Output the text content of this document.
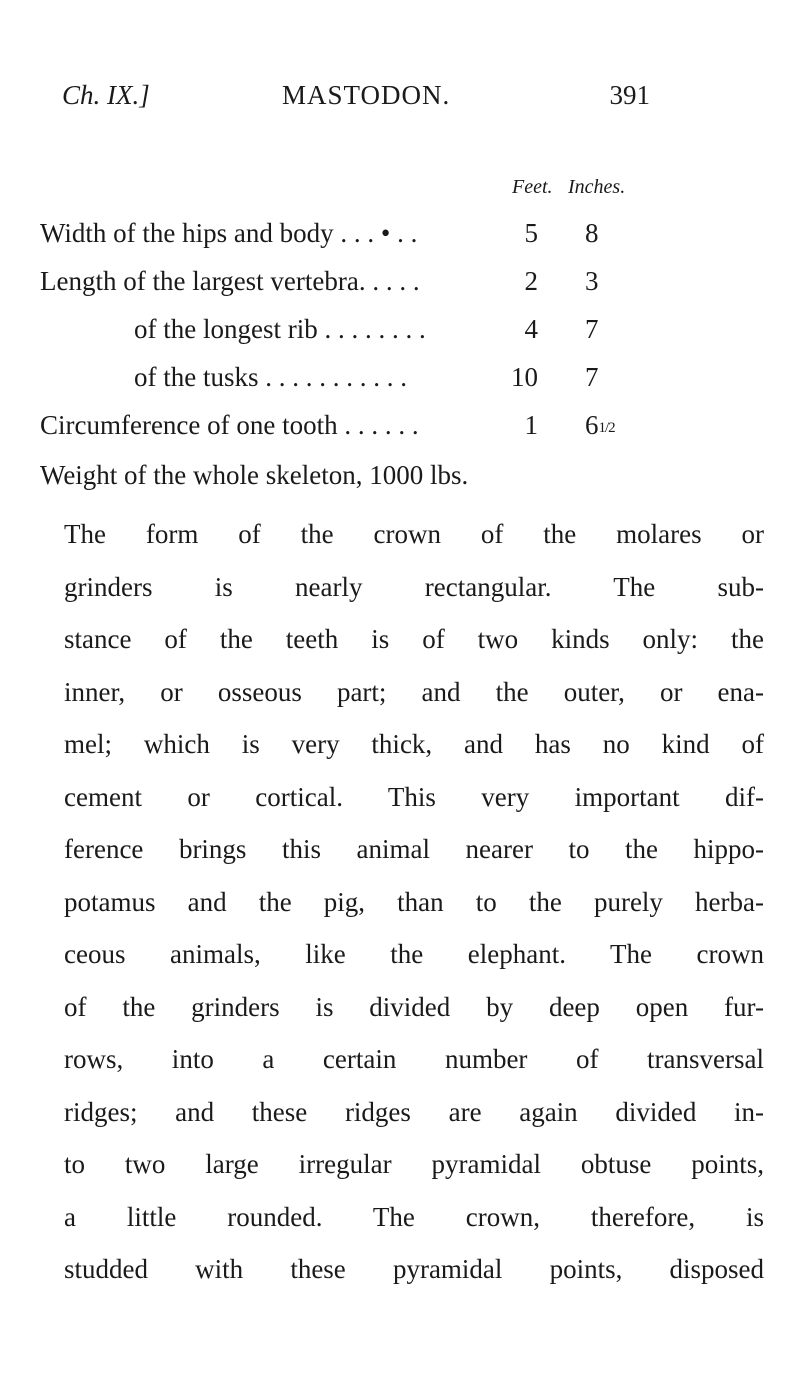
Ch. IX.]	MASTODON.	391
Feet. Inches.
Width of the hips and body . . . • . .	5 8
Length of the largest vertebra. . . . .	2 3
of the longest rib . . . . . . . .	4 7
of the tusks . . . . . . . . . . .	10 7
Circumference of one tooth . . . . . .	1 61/2
Weight of the whole skeleton, 1000 lbs.
The form of the crown of the molares or
grinders is nearly rectangular. The sub-
stance of the teeth is of two kinds only: the
inner, or osseous part; and the outer, or ena-
mel; which is very thick, and has no kind of
cement or cortical. This very important dif-
ference brings this animal nearer to the hippo-
potamus and the pig, than to the purely herba-
ceous animals, like the elephant. The crown
of the grinders is divided by deep open fur-
rows, into a certain number of transversal
ridges; and these ridges are again divided in-
to two large irregular pyramidal obtuse points,
a little rounded. The crown, therefore, is
studded with these pyramidal points, disposed
